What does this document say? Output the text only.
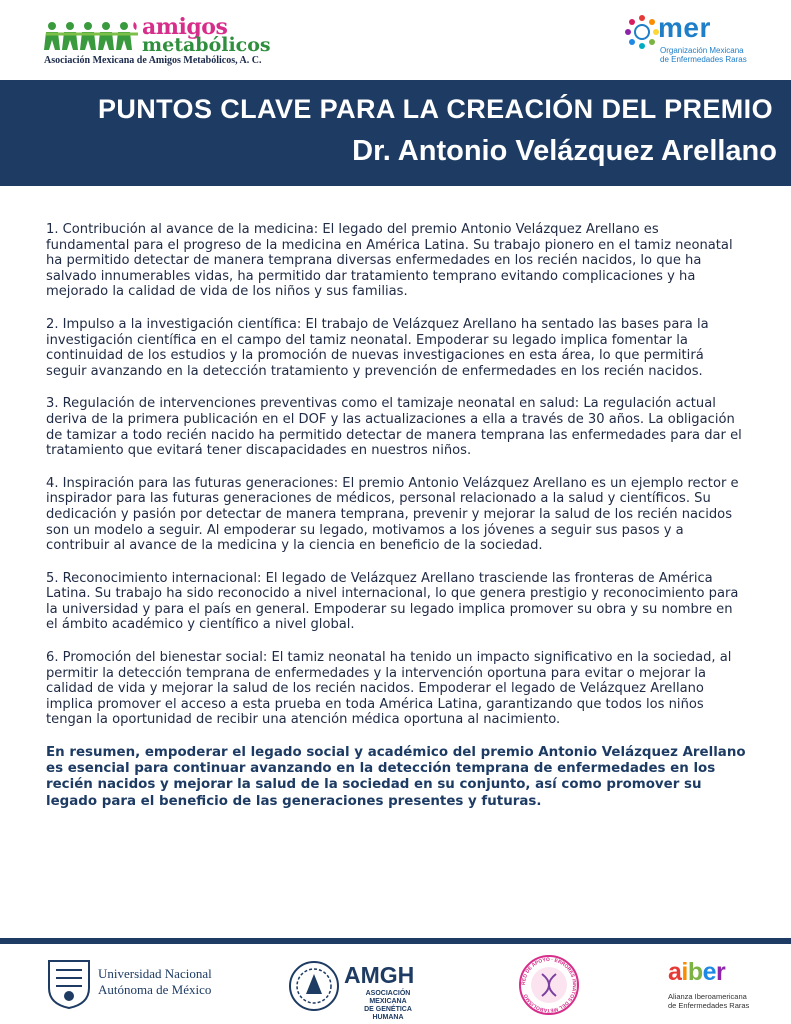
amigos
metabólicos
Asociación Mexicana de Amigos Metabólicos, A. C.
mer
Organización Mexicana
de Enfermedades Raras
PUNTOS CLAVE PARA LA CREACIÓN DEL PREMIO
Dr. Antonio Velázquez Arellano

1. Contribución al avance de la medicina: El legado del premio Antonio Velázquez Arellano es fundamental para el progreso de la medicina en América Latina. Su trabajo pionero en el tamiz neonatal ha permitido detectar de manera temprana diversas enfermedades en los recién nacidos, lo que ha salvado innumerables vidas, ha permitido dar tratamiento temprano evitando complicaciones y ha mejorado la calidad de vida de los niños y sus familias.

2. Impulso a la investigación científica: El trabajo de Velázquez Arellano ha sentado las bases para la investigación científica en el campo del tamiz neonatal. Empoderar su legado implica fomentar la continuidad de los estudios y la promoción de nuevas investigaciones en esta área, lo que permitirá seguir avanzando en la detección tratamiento y prevención de enfermedades en los recién nacidos.

3. Regulación de intervenciones preventivas como el tamizaje neonatal en salud: La regulación actual deriva de la primera publicación en el DOF y las actualizaciones a ella a través de 30 años. La obligación de tamizar a todo recién nacido ha permitido detectar de manera temprana las enfermedades para dar el tratamiento que evitará tener discapacidades en nuestros niños.

4. Inspiración para las futuras generaciones: El premio Antonio Velázquez Arellano es un ejemplo rector e inspirador para las futuras generaciones de médicos, personal relacionado a la salud y científicos. Su dedicación y pasión por detectar de manera temprana, prevenir y mejorar la salud de los recién nacidos son un modelo a seguir. Al empoderar su legado, motivamos a los jóvenes a seguir sus pasos y a contribuir al avance de la medicina y la ciencia en beneficio de la sociedad.

5. Reconocimiento internacional: El legado de Velázquez Arellano trasciende las fronteras de América Latina. Su trabajo ha sido reconocido a nivel internacional, lo que genera prestigio y reconocimiento para la universidad y para el país en general. Empoderar su legado implica promover su obra y su nombre en el ámbito académico y científico a nivel global.

6. Promoción del bienestar social: El tamiz neonatal ha tenido un impacto significativo en la sociedad, al permitir la detección temprana de enfermedades y la intervención oportuna para evitar o mejorar la calidad de vida y mejorar la salud de los recién nacidos. Empoderar el legado de Velázquez Arellano implica promover el acceso a esta prueba en toda América Latina, garantizando que todos los niños tengan la oportunidad de recibir una atención médica oportuna al nacimiento.

En resumen, empoderar el legado social y académico del premio Antonio Velázquez Arellano es esencial para continuar avanzando en la detección temprana de enfermedades en los recién nacidos y mejorar la salud de la sociedad en su conjunto, así como promover su legado para el beneficio de las generaciones presentes y futuras.

Universidad Nacional
Autónoma de México
AMGH
ASOCIACIÓN MEXICANA
DE GENÉTICA HUMANA
RED DE APOYO · ERRORES INNATOS DEL METABOLISMO
aiber
Alianza Iberoamericana
de Enfermedades Raras
